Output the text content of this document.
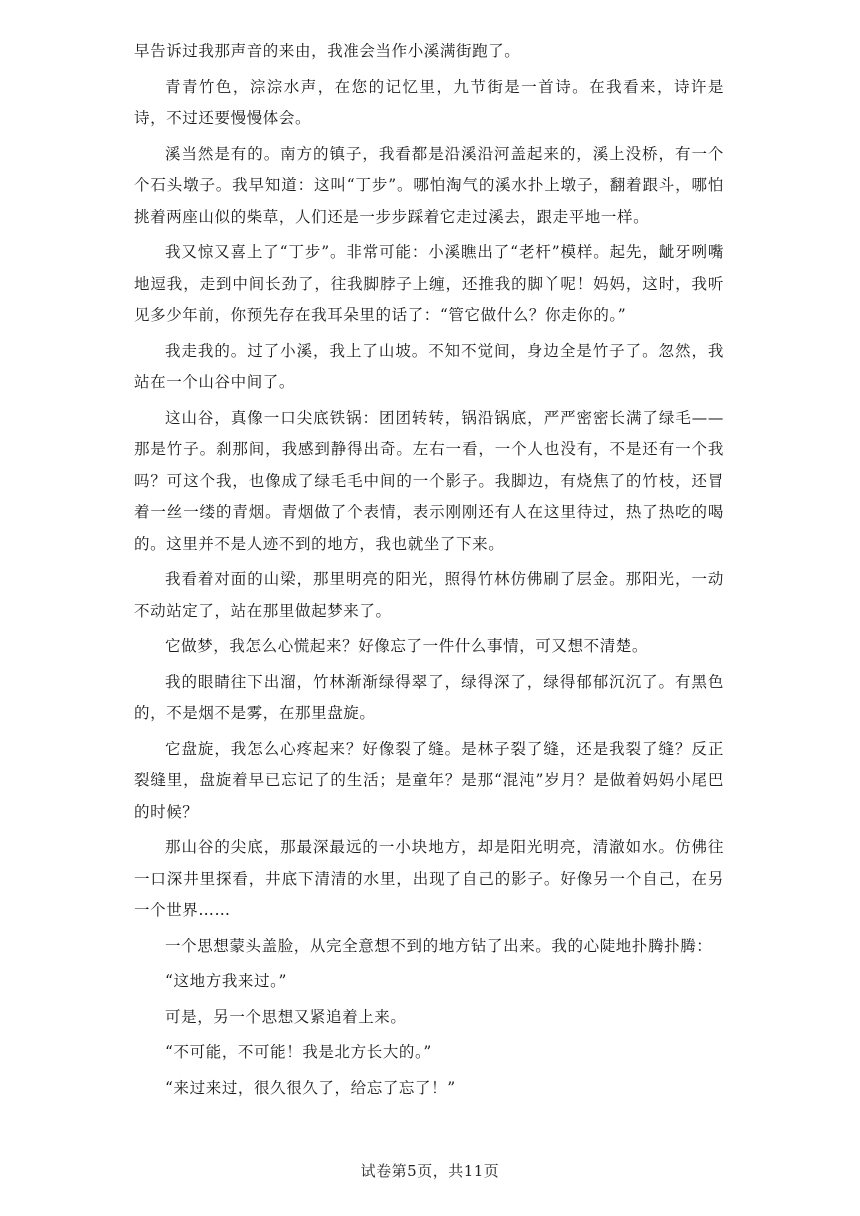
早告诉过我那声音的来由，我准会当作小溪满街跑了。

青青竹色，淙淙水声，在您的记忆里，九节街是一首诗。在我看来，诗许是诗，不过还要慢慢体会。

溪当然是有的。南方的镇子，我看都是沿溪沿河盖起来的，溪上没桥，有一个个石头墩子。我早知道：这叫“丁步”。哪怕淘气的溪水扑上墩子，翻着跟斗，哪怕挑着两座山似的柴草，人们还是一步步踩着它走过溪去，跟走平地一样。

我又惊又喜上了“丁步”。非常可能：小溪瞧出了“老杆”模样。起先，龇牙咧嘴地逗我，走到中间长劲了，往我脚脖子上缠，还推我的脚丫呢！妈妈，这时，我听见多少年前，你预先存在我耳朵里的话了：“管它做什么？你走你的。”

我走我的。过了小溪，我上了山坡。不知不觉间，身边全是竹子了。忽然，我站在一个山谷中间了。

这山谷，真像一口尖底铁锅：团团转转，锅沿锅底，严严密密长满了绿毛——那是竹子。刹那间，我感到静得出奇。左右一看，一个人也没有，不是还有一个我吗？可这个我，也像成了绿毛毛中间的一个影子。我脚边，有烧焦了的竹枝，还冒着一丝一缕的青烟。青烟做了个表情，表示刚刚还有人在这里待过，热了热吃的喝的。这里并不是人迹不到的地方，我也就坐了下来。

我看着对面的山梁，那里明亮的阳光，照得竹林仿佛刷了层金。那阳光，一动不动站定了，站在那里做起梦来了。

它做梦，我怎么心慌起来？好像忘了一件什么事情，可又想不清楚。

我的眼睛往下出溜，竹林渐渐绿得翠了，绿得深了，绿得郁郁沉沉了。有黑色的，不是烟不是雾，在那里盘旋。

它盘旋，我怎么心疼起来？好像裂了缝。是林子裂了缝，还是我裂了缝？反正裂缝里，盘旋着早已忘记了的生活；是童年？是那“混沌”岁月？是做着妈妈小尾巴的时候？

那山谷的尖底，那最深最远的一小块地方，却是阳光明亮，清澈如水。仿佛往一口深井里探看，井底下清清的水里，出现了自己的影子。好像另一个自己，在另一个世界……

一个思想蒙头盖脸，从完全意想不到的地方钻了出来。我的心陡地扑腾扑腾：

“这地方我来过。”

可是，另一个思想又紧追着上来。

“不可能，不可能！我是北方长大的。”

“来过来过，很久很久了，给忘了忘了！”

试卷第5页，共11页
